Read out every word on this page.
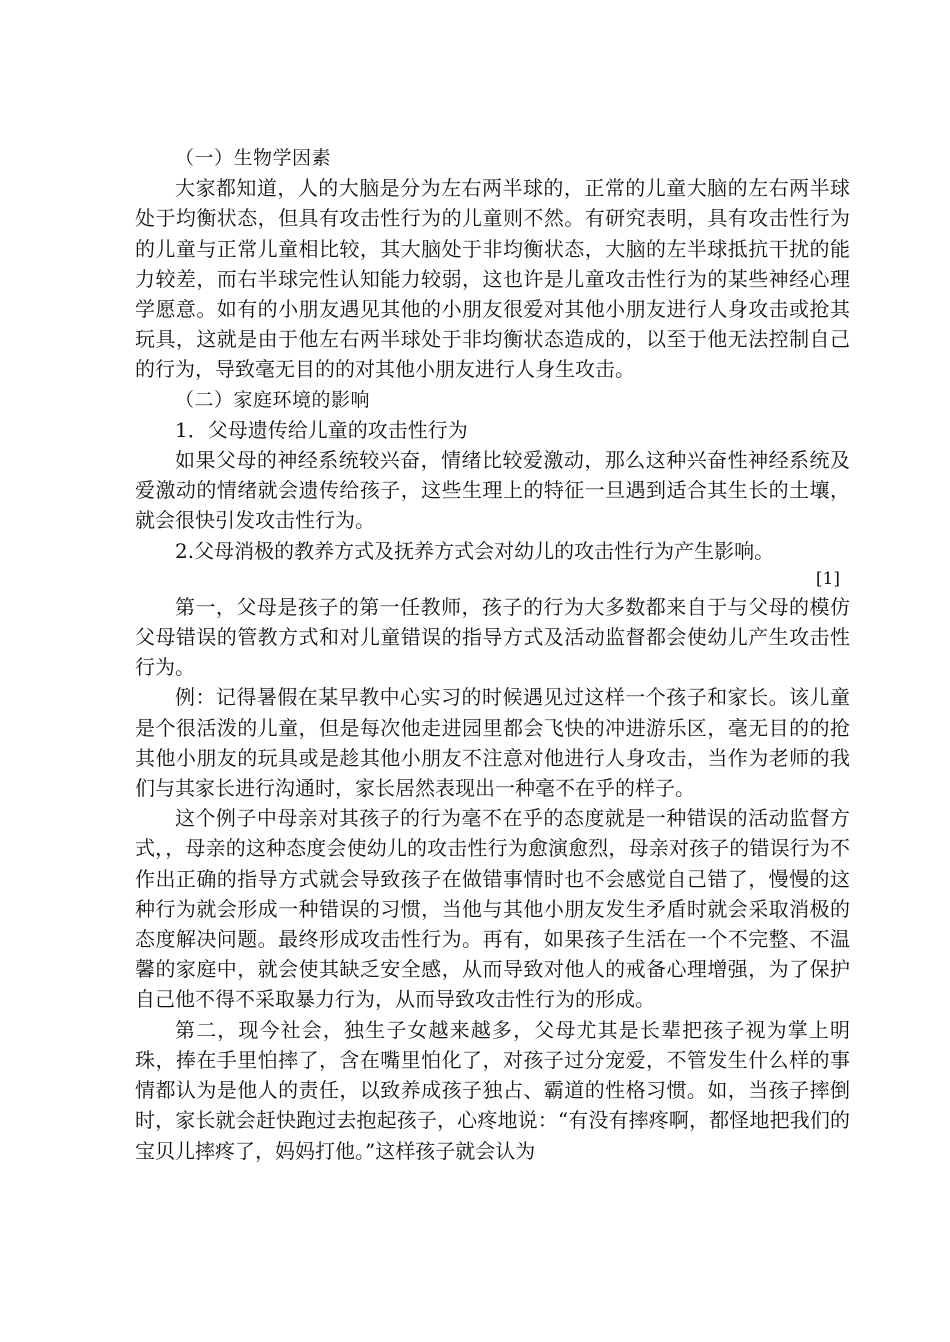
（一）生物学因素

大家都知道，人的大脑是分为左右两半球的，正常的儿童大脑的左右两半球处于均衡状态，但具有攻击性行为的儿童则不然。有研究表明，具有攻击性行为的儿童与正常儿童相比较，其大脑处于非均衡状态，大脑的左半球抵抗干扰的能力较差，而右半球完性认知能力较弱，这也许是儿童攻击性行为的某些神经心理学愿意。如有的小朋友遇见其他的小朋友很爱对其他小朋友进行人身攻击或抢其玩具，这就是由于他左右两半球处于非均衡状态造成的，以至于他无法控制自己的行为，导致毫无目的的对其他小朋友进行人身生攻击。

（二）家庭环境的影响

1．父母遗传给儿童的攻击性行为

如果父母的神经系统较兴奋，情绪比较爱激动，那么这种兴奋性神经系统及爱激动的情绪就会遗传给孩子，这些生理上的特征一旦遇到适合其生长的土壤，就会很快引发攻击性行为。

2.父母消极的教养方式及抚养方式会对幼儿的攻击性行为产生影响。

[1]

第一，父母是孩子的第一任教师，孩子的行为大多数都来自于与父母的模仿父母错误的管教方式和对儿童错误的指导方式及活动监督都会使幼儿产生攻击性行为。

例：记得暑假在某早教中心实习的时候遇见过这样一个孩子和家长。该儿童是个很活泼的儿童，但是每次他走进园里都会飞快的冲进游乐区，毫无目的的抢其他小朋友的玩具或是趁其他小朋友不注意对他进行人身攻击，当作为老师的我们与其家长进行沟通时，家长居然表现出一种毫不在乎的样子。

这个例子中母亲对其孩子的行为毫不在乎的态度就是一种错误的活动监督方式，，母亲的这种态度会使幼儿的攻击性行为愈演愈烈，母亲对孩子的错误行为不作出正确的指导方式就会导致孩子在做错事情时也不会感觉自己错了，慢慢的这种行为就会形成一种错误的习惯，当他与其他小朋友发生矛盾时就会采取消极的态度解决问题。最终形成攻击性行为。再有，如果孩子生活在一个不完整、不温馨的家庭中，就会使其缺乏安全感，从而导致对他人的戒备心理增强，为了保护自己他不得不采取暴力行为，从而导致攻击性行为的形成。

第二，现今社会，独生子女越来越多，父母尤其是长辈把孩子视为掌上明珠，捧在手里怕摔了，含在嘴里怕化了，对孩子过分宠爱，不管发生什么样的事情都认为是他人的责任，以致养成孩子独占、霸道的性格习惯。如，当孩子摔倒时，家长就会赶快跑过去抱起孩子，心疼地说：“有没有摔疼啊，都怪地把我们的宝贝儿摔疼了，妈妈打他。”这样孩子就会认为
